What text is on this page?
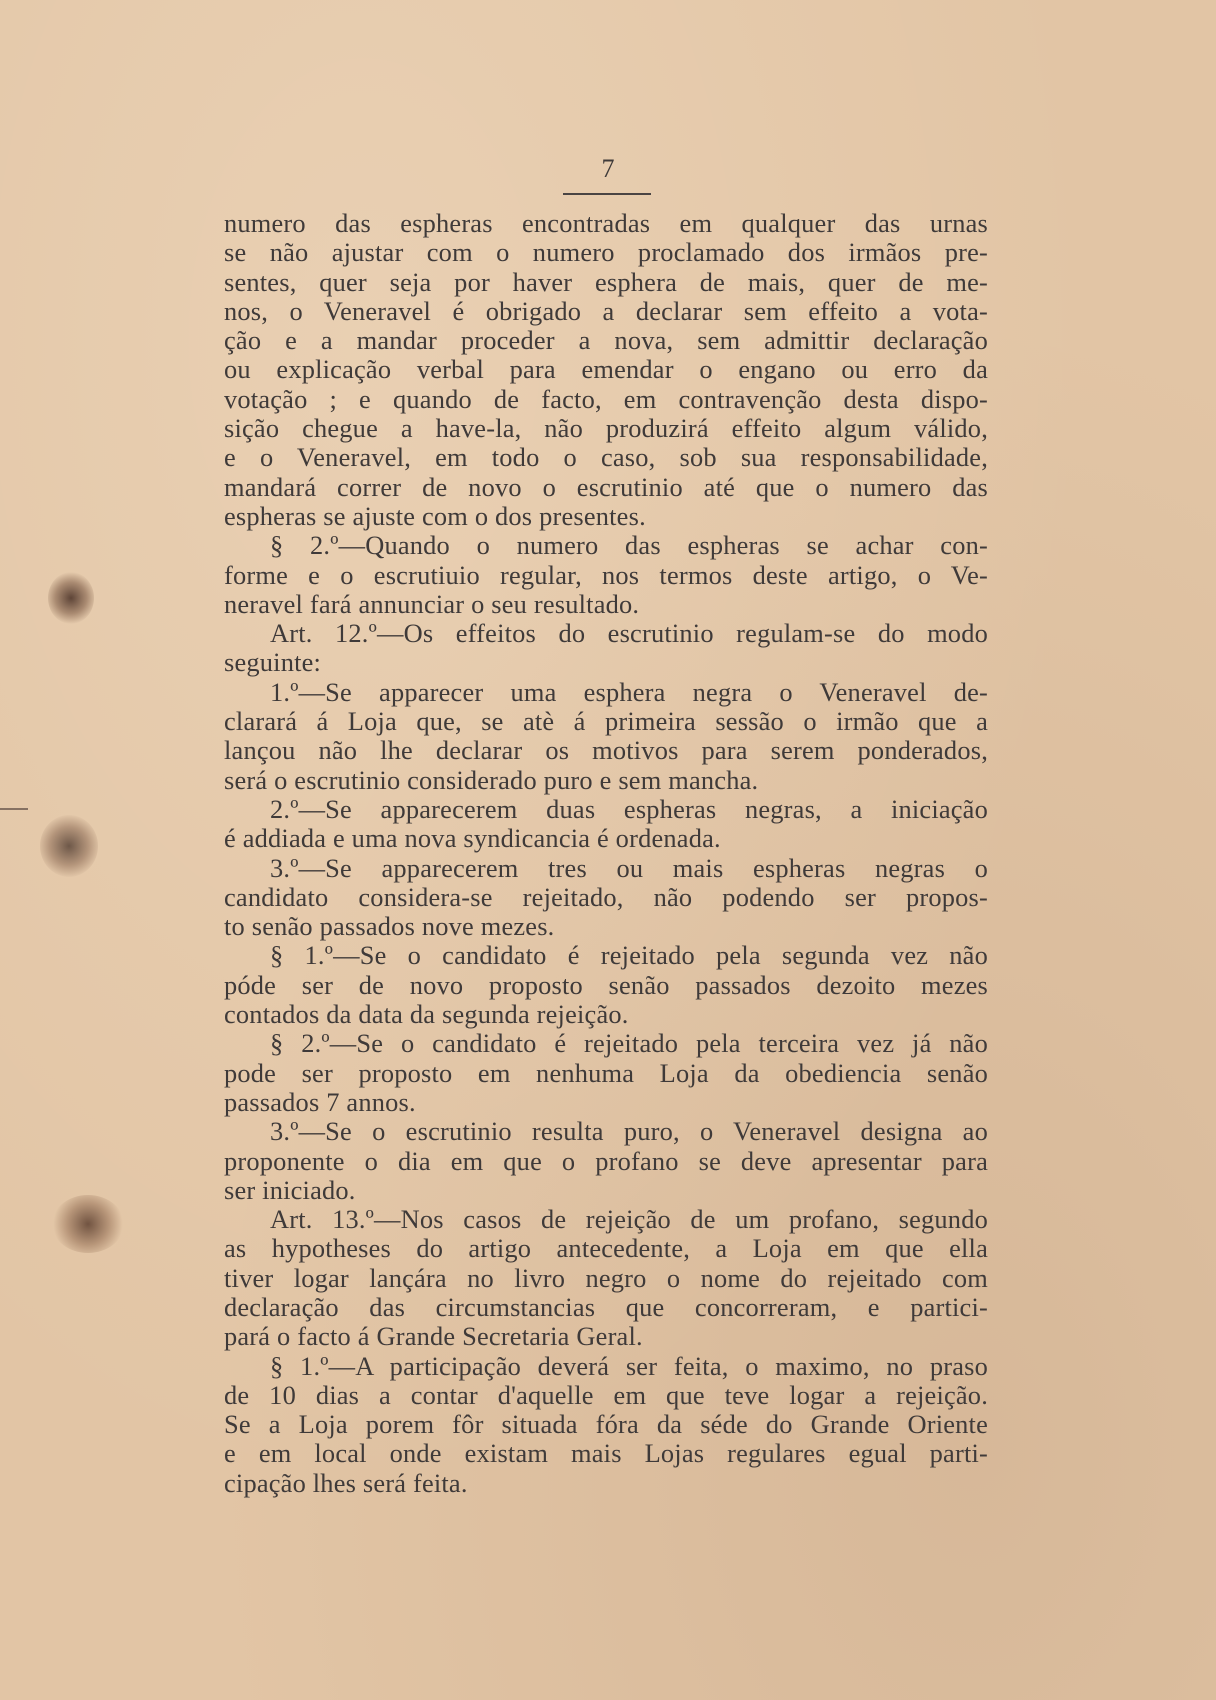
7
numero das espheras encontradas em qualquer das urnas
se não ajustar com o numero proclamado dos irmãos pre-
sentes, quer seja por haver esphera de mais, quer de me-
nos, o Veneravel é obrigado a declarar sem effeito a vota-
ção e a mandar proceder a nova, sem admittir declaração
ou explicação verbal para emendar o engano ou erro da
votação ; e quando de facto, em contravenção desta dispo-
sição chegue a have-la, não produzirá effeito algum válido,
e o Veneravel, em todo o caso, sob sua responsabilidade,
mandará correr de novo o escrutinio até que o numero das
espheras se ajuste com o dos presentes.
§ 2.º—Quando o numero das espheras se achar con-
forme e o escrutiuio regular, nos termos deste artigo, o Ve-
neravel fará annunciar o seu resultado.
Art. 12.º—Os effeitos do escrutinio regulam-se do modo
seguinte:
1.º—Se apparecer uma esphera negra o Veneravel de-
clarará á Loja que, se atè á primeira sessão o irmão que a
lançou não lhe declarar os motivos para serem ponderados,
será o escrutinio considerado puro e sem mancha.
2.º—Se apparecerem duas espheras negras, a iniciação
é addiada e uma nova syndicancia é ordenada.
3.º—Se apparecerem tres ou mais espheras negras o
candidato considera-se rejeitado, não podendo ser propos-
to senão passados nove mezes.
§ 1.º—Se o candidato é rejeitado pela segunda vez não
póde ser de novo proposto senão passados dezoito mezes
contados da data da segunda rejeição.
§ 2.º—Se o candidato é rejeitado pela terceira vez já não
pode ser proposto em nenhuma Loja da obediencia senão
passados 7 annos.
3.º—Se o escrutinio resulta puro, o Veneravel designa ao
proponente o dia em que o profano se deve apresentar para
ser iniciado.
Art. 13.º—Nos casos de rejeição de um profano, segundo
as hypotheses do artigo antecedente, a Loja em que ella
tiver logar lançára no livro negro o nome do rejeitado com
declaração das circumstancias que concorreram, e partici-
pará o facto á Grande Secretaria Geral.
§ 1.º—A participação deverá ser feita, o maximo, no praso
de 10 dias a contar d'aquelle em que teve logar a rejeição.
Se a Loja porem fôr situada fóra da séde do Grande Oriente
e em local onde existam mais Lojas regulares egual parti-
cipação lhes será feita.
